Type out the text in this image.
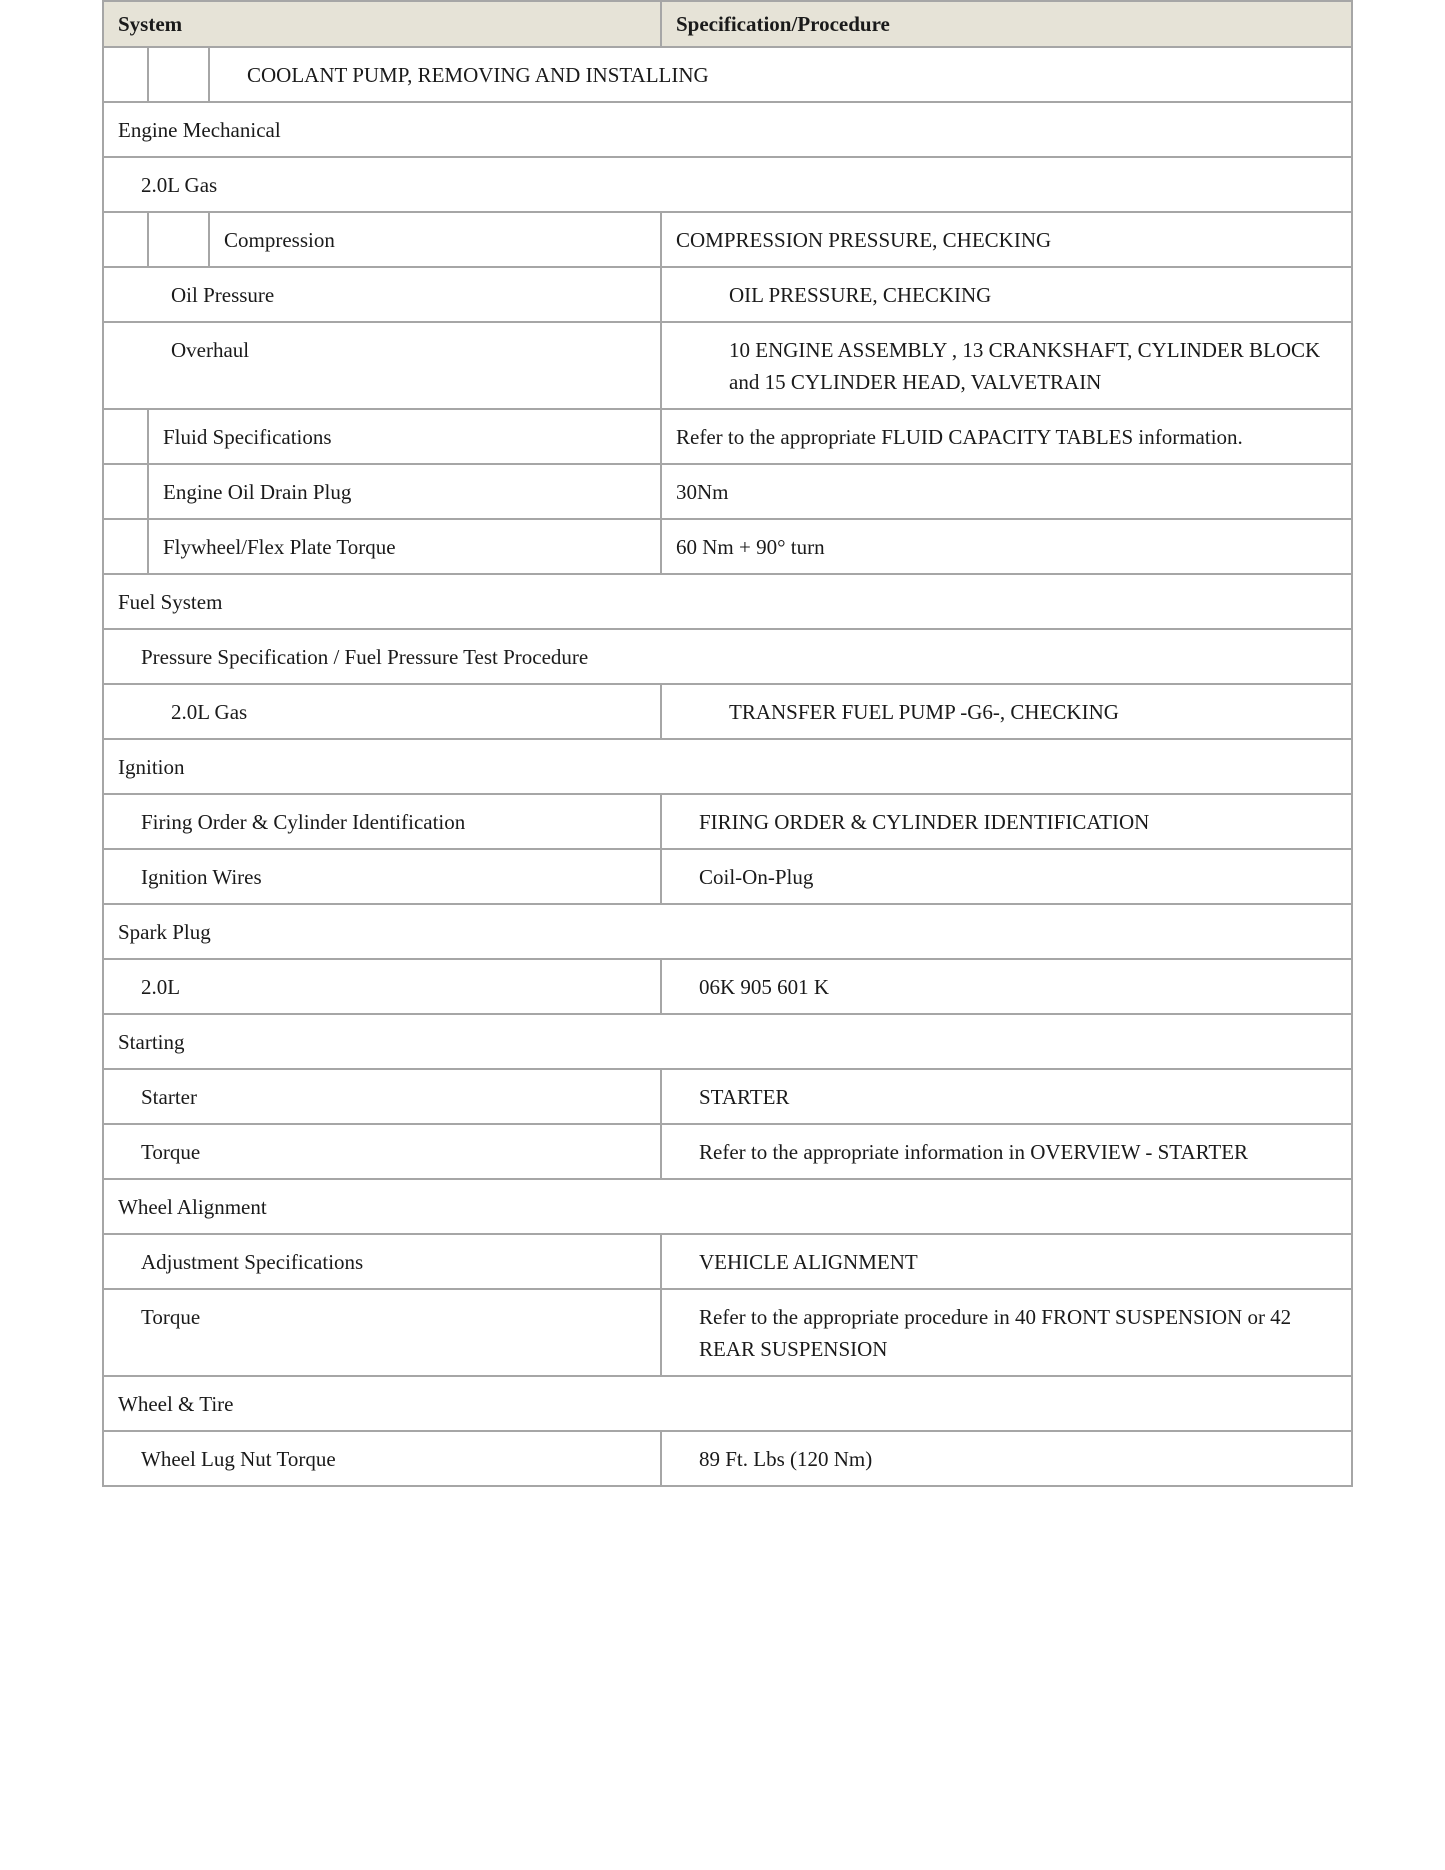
System	Specification/Procedure

COOLANT PUMP, REMOVING AND INSTALLING	

Engine Mechanical	

2.0L Gas	

Compression	COMPRESSION PRESSURE, CHECKING

Oil Pressure	OIL PRESSURE, CHECKING

Overhaul	10 ENGINE ASSEMBLY , 13 CRANKSHAFT, CYLINDER BLOCK and 15 CYLINDER HEAD, VALVETRAIN

Fluid Specifications	Refer to the appropriate FLUID CAPACITY TABLES information.

Engine Oil Drain Plug	30Nm

Flywheel/Flex Plate Torque	60 Nm + 90° turn

Fuel System	

Pressure Specification / Fuel Pressure Test Procedure	

2.0L Gas	TRANSFER FUEL PUMP -G6-, CHECKING

Ignition	

Firing Order & Cylinder Identification	FIRING ORDER & CYLINDER IDENTIFICATION

Ignition Wires	Coil-On-Plug

Spark Plug	

2.0L	06K 905 601 K

Starting	

Starter	STARTER

Torque	Refer to the appropriate information in OVERVIEW - STARTER

Wheel Alignment	

Adjustment Specifications	VEHICLE ALIGNMENT

Torque	Refer to the appropriate procedure in 40 FRONT SUSPENSION or 42 REAR SUSPENSION

Wheel & Tire	

Wheel Lug Nut Torque	89 Ft. Lbs (120 Nm)
